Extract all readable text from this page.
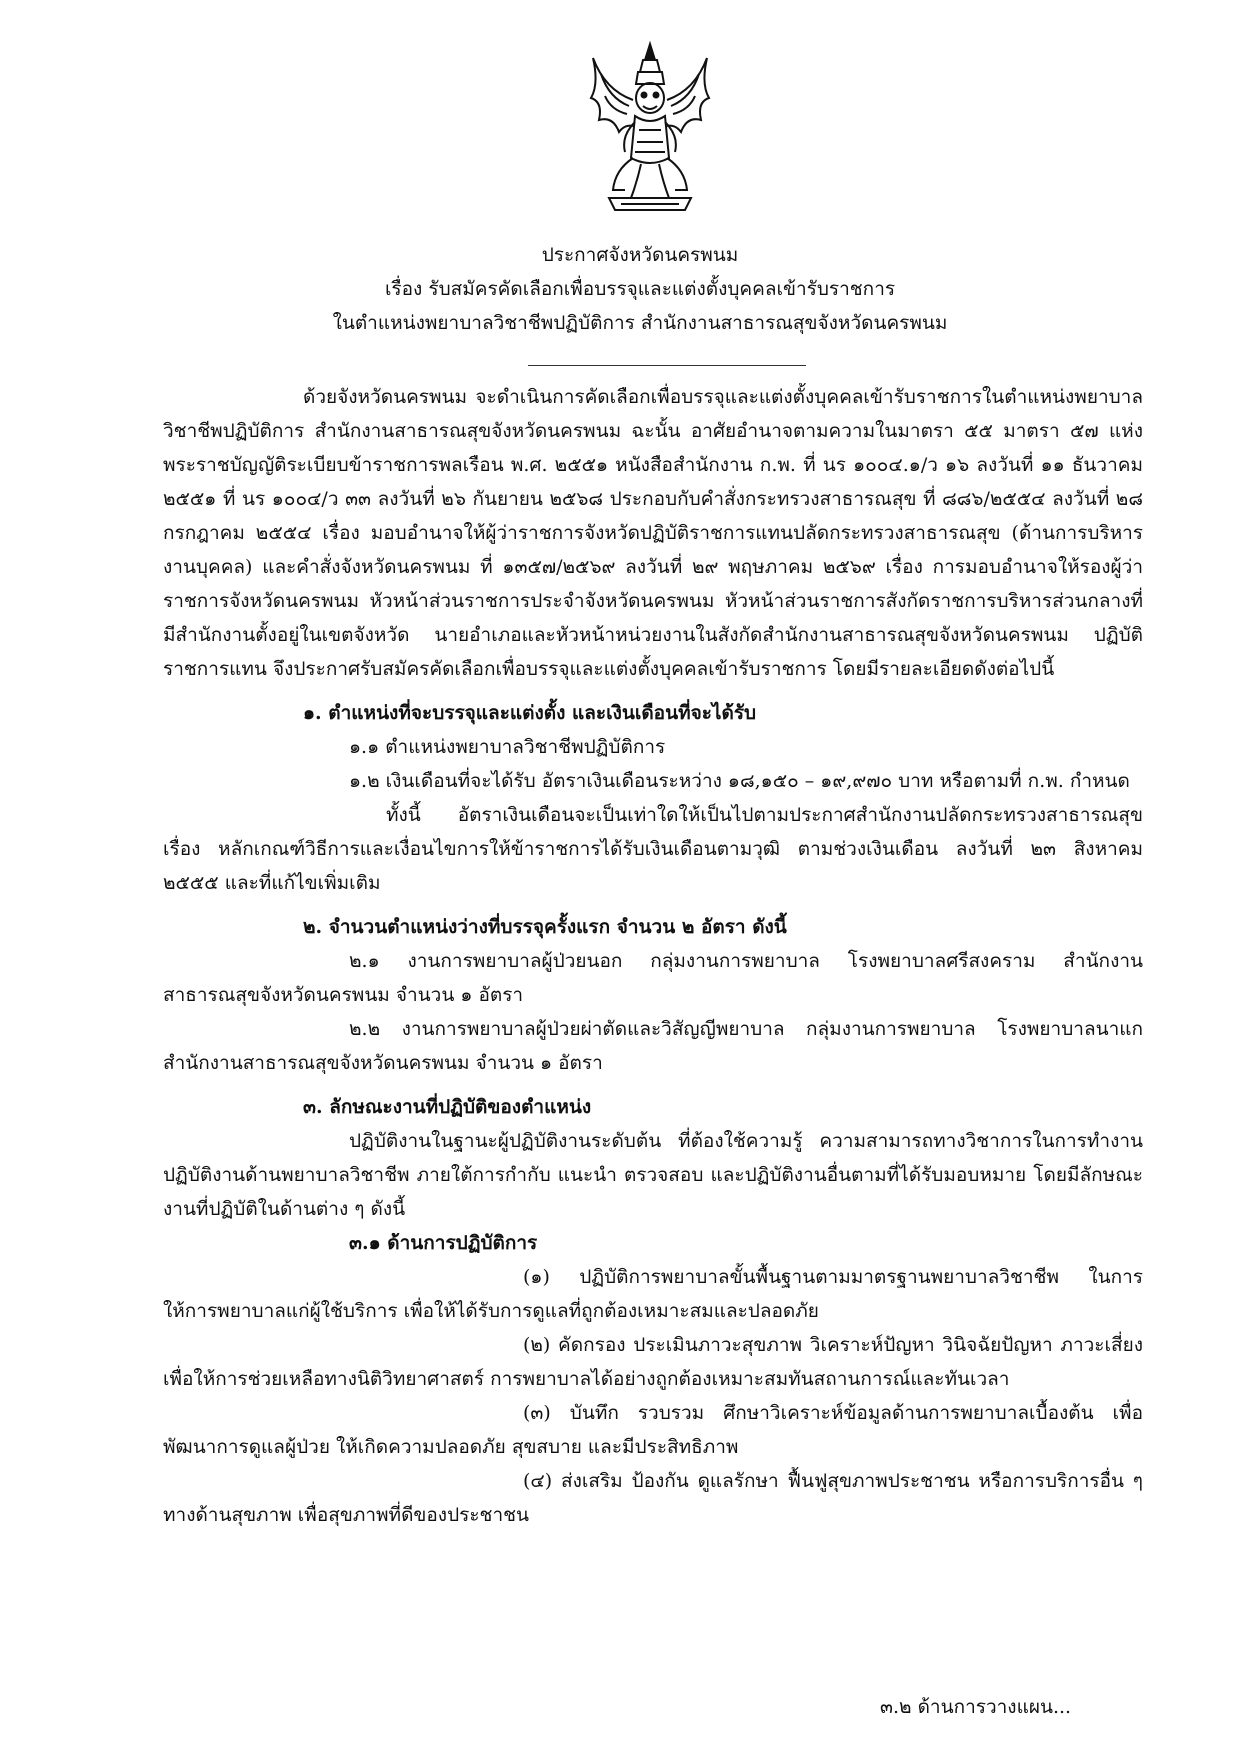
ประกาศจังหวัดนครพนม
เรื่อง รับสมัครคัดเลือกเพื่อบรรจุและแต่งตั้งบุคคลเข้ารับราชการ
ในตำแหน่งพยาบาลวิชาชีพปฏิบัติการ สำนักงานสาธารณสุขจังหวัดนครพนม

ด้วยจังหวัดนครพนม จะดำเนินการคัดเลือกเพื่อบรรจุและแต่งตั้งบุคคลเข้ารับราชการในตำแหน่งพยาบาลวิชาชีพปฏิบัติการ สำนักงานสาธารณสุขจังหวัดนครพนม ฉะนั้น อาศัยอำนาจตามความในมาตรา ๕๕ มาตรา ๕๗ แห่งพระราชบัญญัติระเบียบข้าราชการพลเรือน พ.ศ. ๒๕๕๑ หนังสือสำนักงาน ก.พ. ที่ นร ๑๐๐๔.๑/ว ๑๖ ลงวันที่ ๑๑ ธันวาคม ๒๕๕๑ ที่ นร ๑๐๐๔/ว ๓๓ ลงวันที่ ๒๖ กันยายน ๒๕๖๘ ประกอบกับคำสั่งกระทรวงสาธารณสุข ที่ ๘๘๖/๒๕๕๔ ลงวันที่ ๒๘ กรกฎาคม ๒๕๕๔ เรื่อง มอบอำนาจให้ผู้ว่าราชการจังหวัดปฏิบัติราชการแทนปลัดกระทรวงสาธารณสุข (ด้านการบริหารงานบุคคล) และคำสั่งจังหวัดนครพนม ที่ ๑๓๕๗/๒๕๖๙ ลงวันที่ ๒๙ พฤษภาคม ๒๕๖๙ เรื่อง การมอบอำนาจให้รองผู้ว่าราชการจังหวัดนครพนม หัวหน้าส่วนราชการประจำจังหวัดนครพนม หัวหน้าส่วนราชการสังกัดราชการบริหารส่วนกลางที่มีสำนักงานตั้งอยู่ในเขตจังหวัด นายอำเภอและหัวหน้าหน่วยงานในสังกัดสำนักงานสาธารณสุขจังหวัดนครพนม ปฏิบัติราชการแทน จึงประกาศรับสมัครคัดเลือกเพื่อบรรจุและแต่งตั้งบุคคลเข้ารับราชการ โดยมีรายละเอียดดังต่อไปนี้

๑. ตำแหน่งที่จะบรรจุและแต่งตั้ง และเงินเดือนที่จะได้รับ

๑.๑ ตำแหน่งพยาบาลวิชาชีพปฏิบัติการ

๑.๒ เงินเดือนที่จะได้รับ อัตราเงินเดือนระหว่าง ๑๘,๑๕๐ – ๑๙,๙๗๐ บาท หรือตามที่ ก.พ. กำหนด

ทั้งนี้ อัตราเงินเดือนจะเป็นเท่าใดให้เป็นไปตามประกาศสำนักงานปลัดกระทรวงสาธารณสุข เรื่อง หลักเกณฑ์วิธีการและเงื่อนไขการให้ข้าราชการได้รับเงินเดือนตามวุฒิ ตามช่วงเงินเดือน ลงวันที่ ๒๓ สิงหาคม ๒๕๕๕ และที่แก้ไขเพิ่มเติม

๒. จำนวนตำแหน่งว่างที่บรรจุครั้งแรก จำนวน ๒ อัตรา ดังนี้

๒.๑ งานการพยาบาลผู้ป่วยนอก กลุ่มงานการพยาบาล โรงพยาบาลศรีสงคราม สำนักงานสาธารณสุขจังหวัดนครพนม จำนวน ๑ อัตรา

๒.๒ งานการพยาบาลผู้ป่วยผ่าตัดและวิสัญญีพยาบาล กลุ่มงานการพยาบาล โรงพยาบาลนาแก สำนักงานสาธารณสุขจังหวัดนครพนม จำนวน ๑ อัตรา

๓. ลักษณะงานที่ปฏิบัติของตำแหน่ง

ปฏิบัติงานในฐานะผู้ปฏิบัติงานระดับต้น ที่ต้องใช้ความรู้ ความสามารถทางวิชาการในการทำงาน ปฏิบัติงานด้านพยาบาลวิชาชีพ ภายใต้การกำกับ แนะนำ ตรวจสอบ และปฏิบัติงานอื่นตามที่ได้รับมอบหมาย โดยมีลักษณะงานที่ปฏิบัติในด้านต่าง ๆ ดังนี้

๓.๑ ด้านการปฏิบัติการ

(๑) ปฏิบัติการพยาบาลขั้นพื้นฐานตามมาตรฐานพยาบาลวิชาชีพ ในการให้การพยาบาลแก่ผู้ใช้บริการ เพื่อให้ได้รับการดูแลที่ถูกต้องเหมาะสมและปลอดภัย

(๒) คัดกรอง ประเมินภาวะสุขภาพ วิเคราะห์ปัญหา วินิจฉัยปัญหา ภาวะเสี่ยงเพื่อให้การช่วยเหลือทางนิติวิทยาศาสตร์ การพยาบาลได้อย่างถูกต้องเหมาะสมทันสถานการณ์และทันเวลา

(๓) บันทึก รวบรวม ศึกษาวิเคราะห์ข้อมูลด้านการพยาบาลเบื้องต้น เพื่อพัฒนาการดูแลผู้ป่วย ให้เกิดความปลอดภัย สุขสบาย และมีประสิทธิภาพ

(๔) ส่งเสริม ป้องกัน ดูแลรักษา ฟื้นฟูสุขภาพประชาชน หรือการบริการอื่น ๆ ทางด้านสุขภาพ เพื่อสุขภาพที่ดีของประชาชน

๓.๒ ด้านการวางแผน...
